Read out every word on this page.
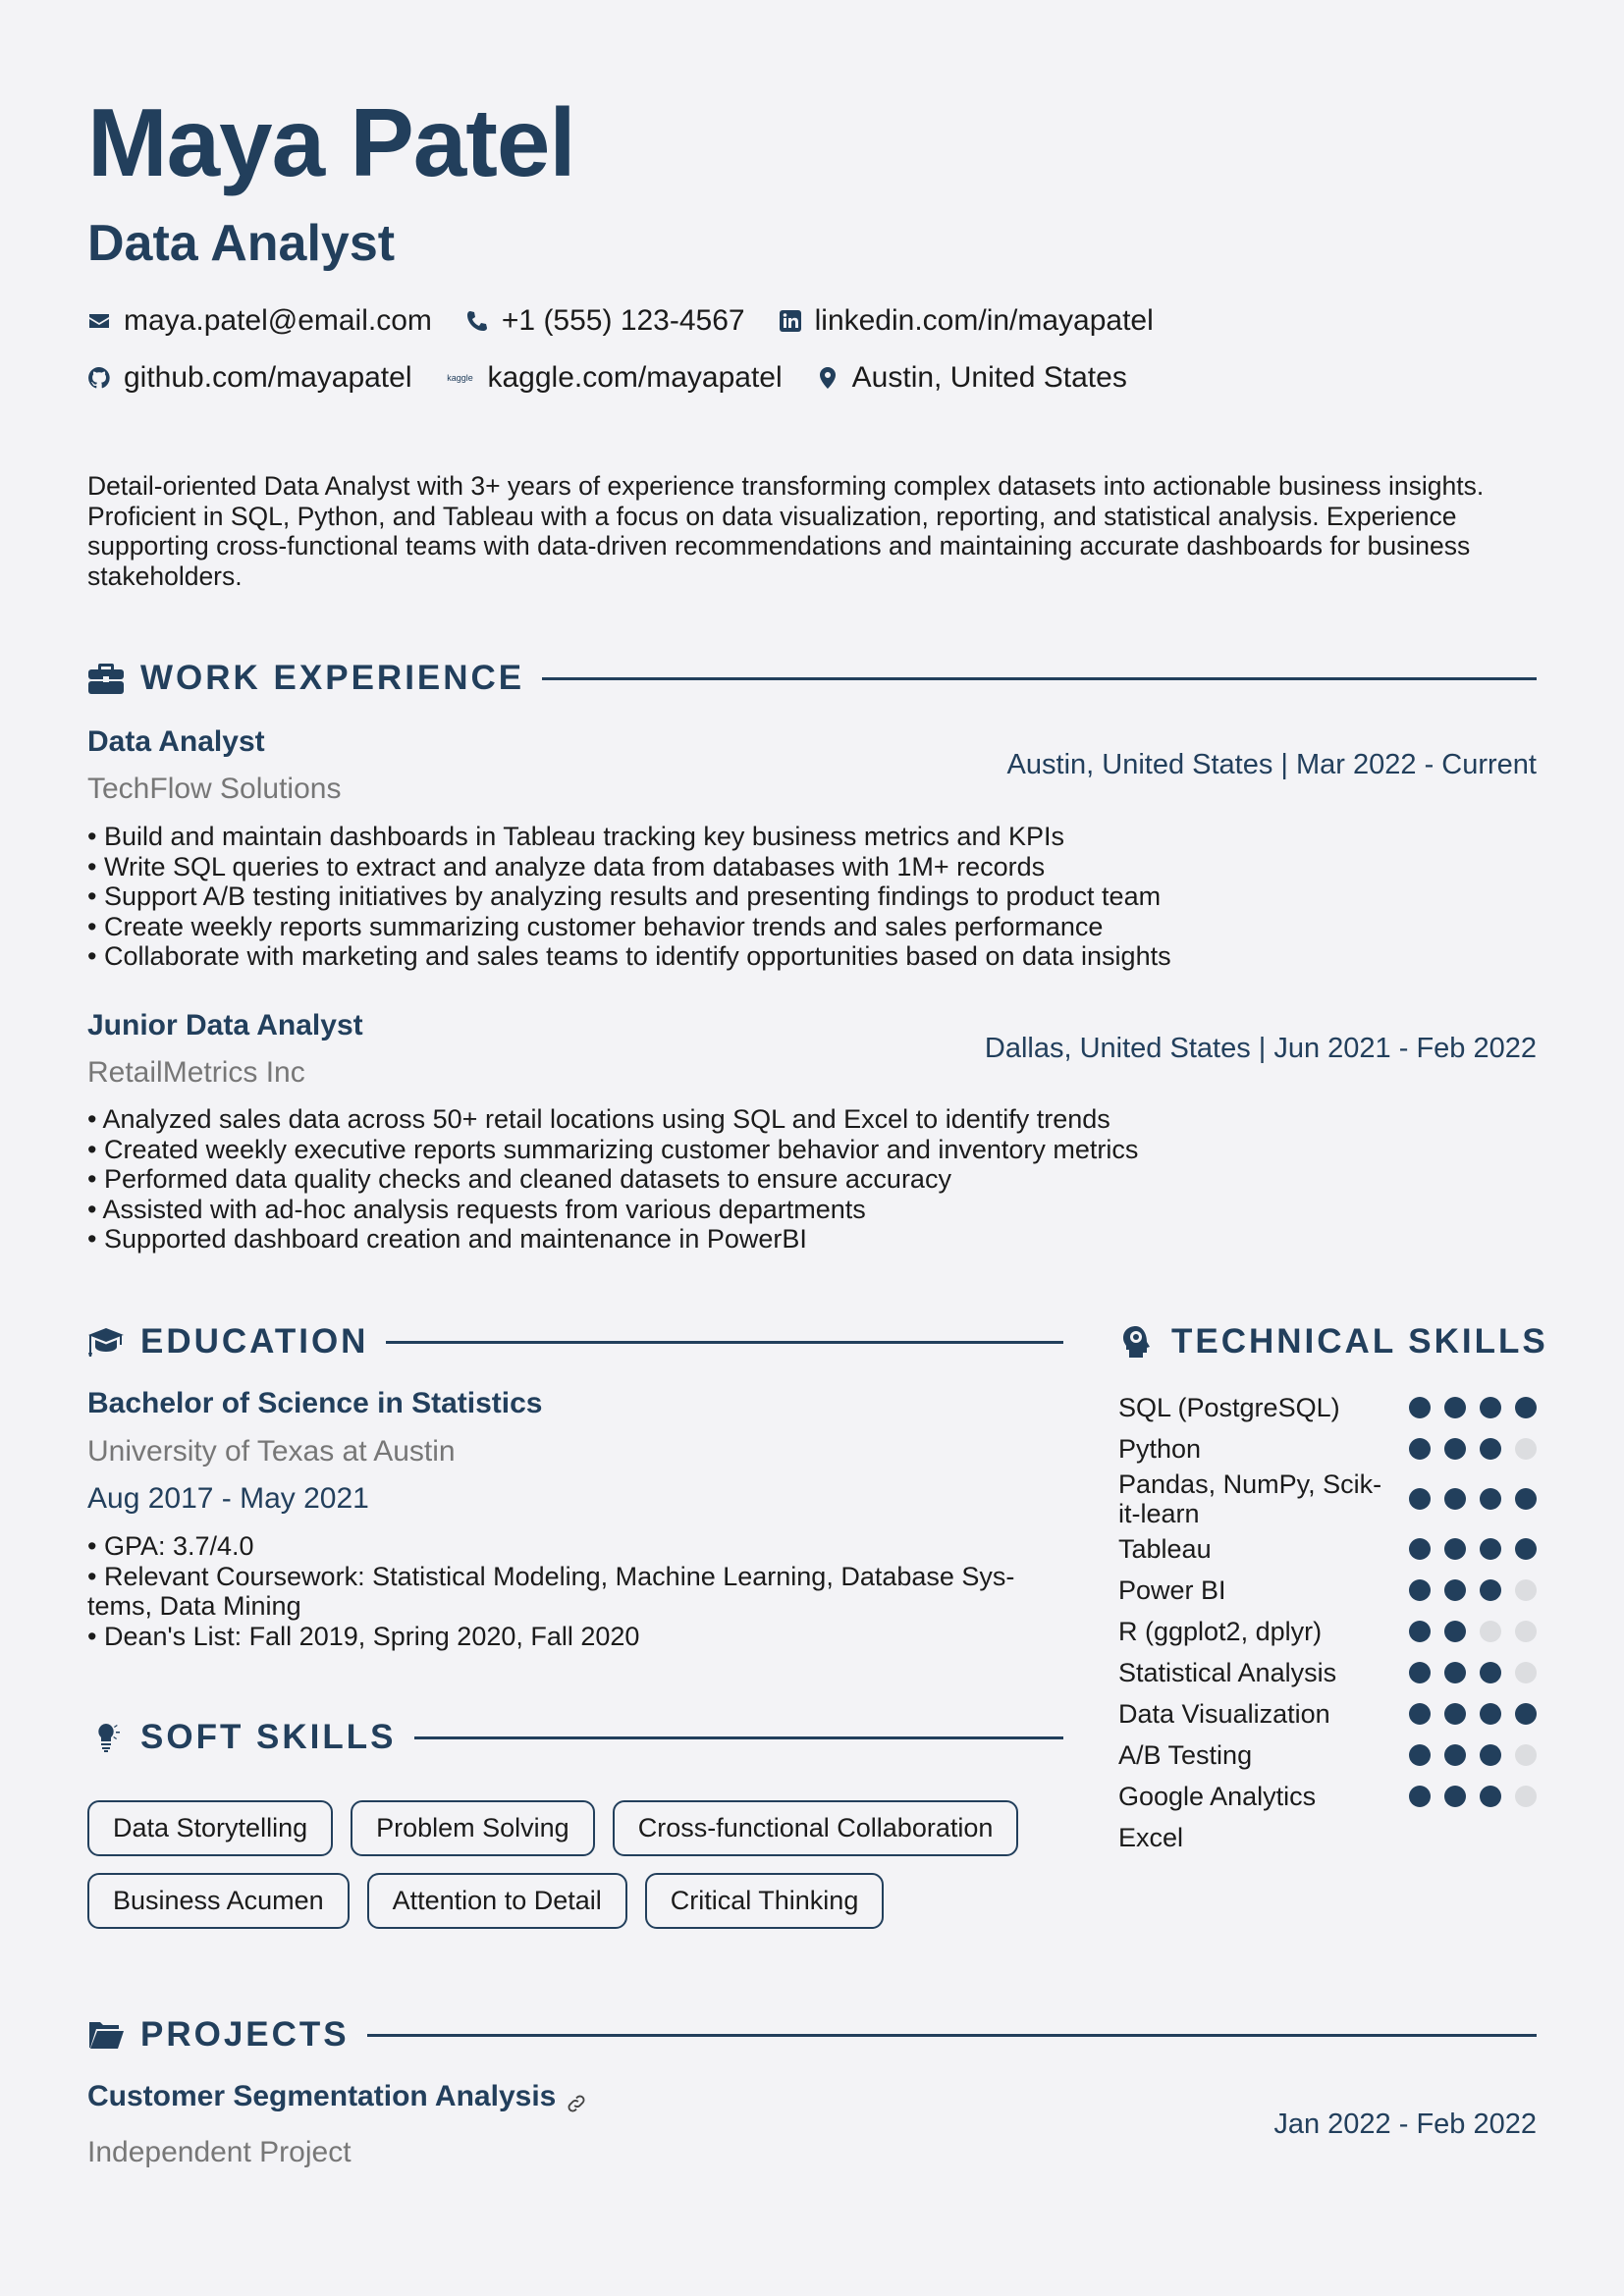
Maya Patel
Data Analyst
maya.patel@email.com +1 (555) 123-4567 linkedin.com/in/mayapatel
github.com/mayapatel	kaggle kaggle.com/mayapatel Austin, United States

Detail-oriented Data Analyst with 3+ years of experience transforming complex datasets into actionable business insights. Proficient in SQL, Python, and Tableau with a focus on data visualization, reporting, and statistical analysis. Experience supporting cross-functional teams with data-driven recommendations and maintaining accurate dashboards for business stakeholders.

WORK EXPERIENCE
Data Analyst
TechFlow Solutions
Austin, United States | Mar 2022 - Current
• Build and maintain dashboards in Tableau tracking key business metrics and KPIs
• Write SQL queries to extract and analyze data from databases with 1M+ records
• Support A/B testing initiatives by analyzing results and presenting findings to product team
• Create weekly reports summarizing customer behavior trends and sales performance
• Collaborate with marketing and sales teams to identify opportunities based on data insights
Junior Data Analyst
RetailMetrics Inc
Dallas, United States | Jun 2021 - Feb 2022
• Analyzed sales data across 50+ retail locations using SQL and Excel to identify trends
• Created weekly executive reports summarizing customer behavior and inventory metrics
• Performed data quality checks and cleaned datasets to ensure accuracy
• Assisted with ad-hoc analysis requests from various departments
• Supported dashboard creation and maintenance in PowerBI
EDUCATION
Bachelor of Science in Statistics
University of Texas at Austin
Aug 2017 - May 2021
• GPA: 3.7/4.0
• Relevant Coursework: Statistical Modeling, Machine Learning, Database Sys-tems, Data Mining
• Dean's List: Fall 2019, Spring 2020, Fall 2020
TECHNICAL SKILLS
SQL (PostgreSQL)
Python
Pandas, NumPy, Scik-it-learn
Tableau
Power BI
R (ggplot2, dplyr)
Statistical Analysis
Data Visualization
A/B Testing
Google Analytics
Excel
SOFT SKILLS
Data Storytelling	Problem Solving	Cross-functional Collaboration
Business Acumen	Attention to Detail	Critical Thinking
PROJECTS
Customer Segmentation Analysis
Independent Project
Jan 2022 - Feb 2022
